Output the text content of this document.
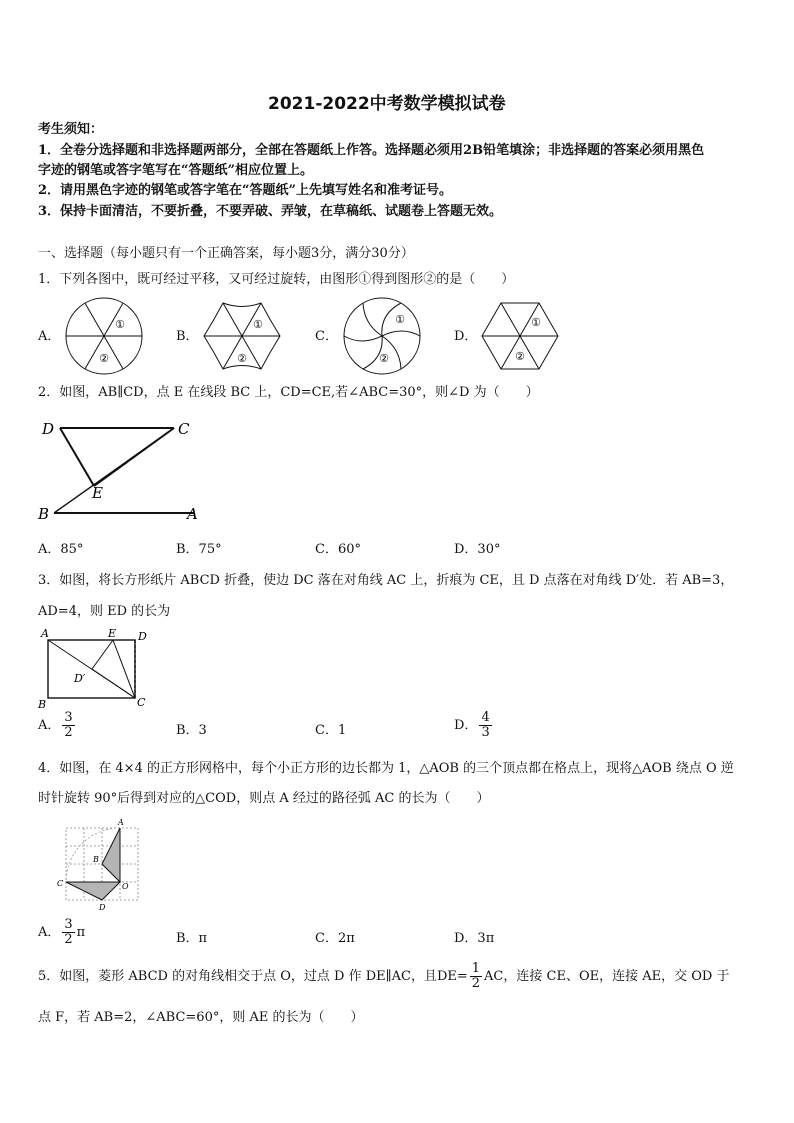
2021-2022中考数学模拟试卷
考生须知：
1．全卷分选择题和非选择题两部分，全部在答题纸上作答。选择题必须用2B铅笔填涂；非选择题的答案必须用黑色
字迹的钢笔或答字笔写在“答题纸”相应位置上。
2．请用黑色字迹的钢笔或答字笔在“答题纸”上先填写姓名和准考证号。
3．保持卡面清洁，不要折叠，不要弄破、弄皱，在草稿纸、试题卷上答题无效。
一、选择题（每小题只有一个正确答案，每小题3分，满分30分）
1．下列各图中，既可经过平移，又可经过旋转，由图形①得到图形②的是（　　）
A．	B．	C．	D．
①
②
①
②
①
②
①
②
2．如图，AB∥CD，点 E 在线段 BC 上，CD=CE,若∠ABC=30°，则∠D 为（　　）
D	C
E
B	A
A．85°	B．75°	C．60°	D．30°
3．如图，将长方形纸片 ABCD 折叠，使边 DC 落在对角线 AC 上，折痕为 CE，且 D 点落在对角线 D′处．若 AB=3，
AD=4，则 ED 的长为
A	E D
D′
B	C
A． $\frac{3}{2}$	B．3	C．1	D． $\frac{4}{3}$
4．如图，在 4×4 的正方形网格中，每个小正方形的边长都为 1，△AOB 的三个顶点都在格点上，现将△AOB 绕点 O 逆
时针旋转 90°后得到对应的△COD，则点 A 经过的路径弧 AC 的长为（　　）
A
B
C	O
D
A． $\frac{3}{2}$ π	B．π	C．2π	D．3π
5．如图，菱形 ABCD 的对角线相交于点 O，过点 D 作 DE∥AC，且$DE= \frac{1}{2}$ AC，连接 CE、OE，连接 AE，交 OD 于
点 F，若 AB=2，∠ABC=60°，则 AE 的长为（　　）
